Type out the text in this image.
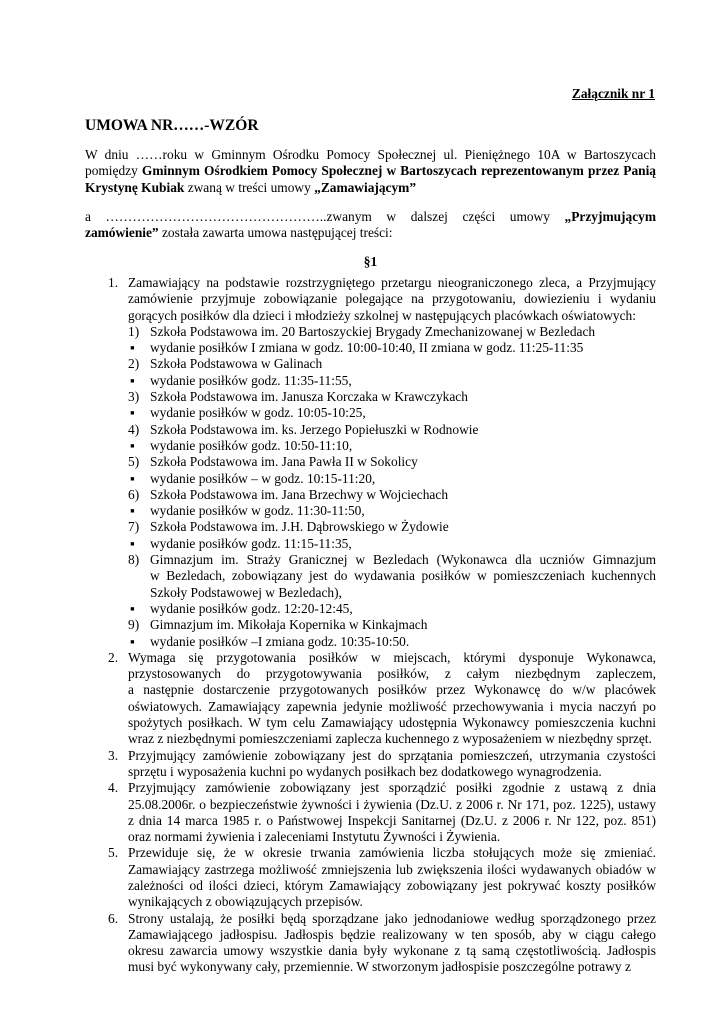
Załącznik nr 1
UMOWA NR……-WZÓR
W dniu ……roku w Gminnym Ośrodku Pomocy Społecznej ul. Pieniężnego 10A w Bartoszycach
pomiędzy Gminnym Ośrodkiem Pomocy Społecznej w Bartoszycach reprezentowanym przez Panią
Krystynę Kubiak zwaną w treści umowy „Zamawiającym”
a …………………………………………..zwanym w dalszej części umowy „Przyjmującym
zamówienie” została zawarta umowa następującej treści:
§1
1. Zamawiający na podstawie rozstrzygniętego przetargu nieograniczonego zleca, a Przyjmujący
zamówienie przyjmuje zobowiązanie polegające na przygotowaniu, dowiezieniu i wydaniu
gorących posiłków dla dzieci i młodzieży szkolnej w następujących placówkach oświatowych:
1) Szkoła Podstawowa im. 20 Bartoszyckiej Brygady Zmechanizowanej w Bezledach
▪ wydanie posiłków I zmiana w godz. 10:00-10:40, II zmiana w godz. 11:25-11:35
2) Szkoła Podstawowa w Galinach
▪ wydanie posiłków godz. 11:35-11:55,
3) Szkoła Podstawowa im. Janusza Korczaka w Krawczykach
▪ wydanie posiłków w godz. 10:05-10:25,
4) Szkoła Podstawowa im. ks. Jerzego Popiełuszki w Rodnowie
▪ wydanie posiłków godz. 10:50-11:10,
5) Szkoła Podstawowa im. Jana Pawła II w Sokolicy
▪ wydanie posiłków – w godz. 10:15-11:20,
6) Szkoła Podstawowa im. Jana Brzechwy w Wojciechach
▪ wydanie posiłków w godz. 11:30-11:50,
7) Szkoła Podstawowa im. J.H. Dąbrowskiego w Żydowie
▪ wydanie posiłków godz. 11:15-11:35,
8) Gimnazjum im. Straży Granicznej w Bezledach (Wykonawca dla uczniów Gimnazjum
w Bezledach, zobowiązany jest do wydawania posiłków w pomieszczeniach kuchennych
Szkoły Podstawowej w Bezledach),
▪ wydanie posiłków godz. 12:20-12:45,
9) Gimnazjum im. Mikołaja Kopernika w Kinkajmach
▪ wydanie posiłków –I zmiana godz. 10:35-10:50.
2. Wymaga się przygotowania posiłków w miejscach, którymi dysponuje Wykonawca,
przystosowanych do przygotowywania posiłków, z całym niezbędnym zapleczem,
a następnie dostarczenie przygotowanych posiłków przez Wykonawcę do w/w placówek
oświatowych. Zamawiający zapewnia jedynie możliwość przechowywania i mycia naczyń po
spożytych posiłkach. W tym celu Zamawiający udostępnia Wykonawcy pomieszczenia kuchni
wraz z niezbędnymi pomieszczeniami zaplecza kuchennego z wyposażeniem w niezbędny sprzęt.
3. Przyjmujący zamówienie zobowiązany jest do sprzątania pomieszczeń, utrzymania czystości
sprzętu i wyposażenia kuchni po wydanych posiłkach bez dodatkowego wynagrodzenia.
4. Przyjmujący zamówienie zobowiązany jest sporządzić posiłki zgodnie z ustawą z dnia
25.08.2006r. o bezpieczeństwie żywności i żywienia (Dz.U. z 2006 r. Nr 171, poz. 1225), ustawy
z dnia 14 marca 1985 r. o Państwowej Inspekcji Sanitarnej (Dz.U. z 2006 r. Nr 122, poz. 851)
oraz normami żywienia i zaleceniami Instytutu Żywności i Żywienia.
5. Przewiduje się, że w okresie trwania zamówienia liczba stołujących może się zmieniać.
Zamawiający zastrzega możliwość zmniejszenia lub zwiększenia ilości wydawanych obiadów w
zależności od ilości dzieci, którym Zamawiający zobowiązany jest pokrywać koszty posiłków
wynikających z obowiązujących przepisów.
6. Strony ustalają, że posiłki będą sporządzane jako jednodaniowe według sporządzonego przez
Zamawiającego jadłospisu. Jadłospis będzie realizowany w ten sposób, aby w ciągu całego
okresu zawarcia umowy wszystkie dania były wykonane z tą samą częstotliwością. Jadłospis
musi być wykonywany cały, przemiennie. W stworzonym jadłospisie poszczególne potrawy z
